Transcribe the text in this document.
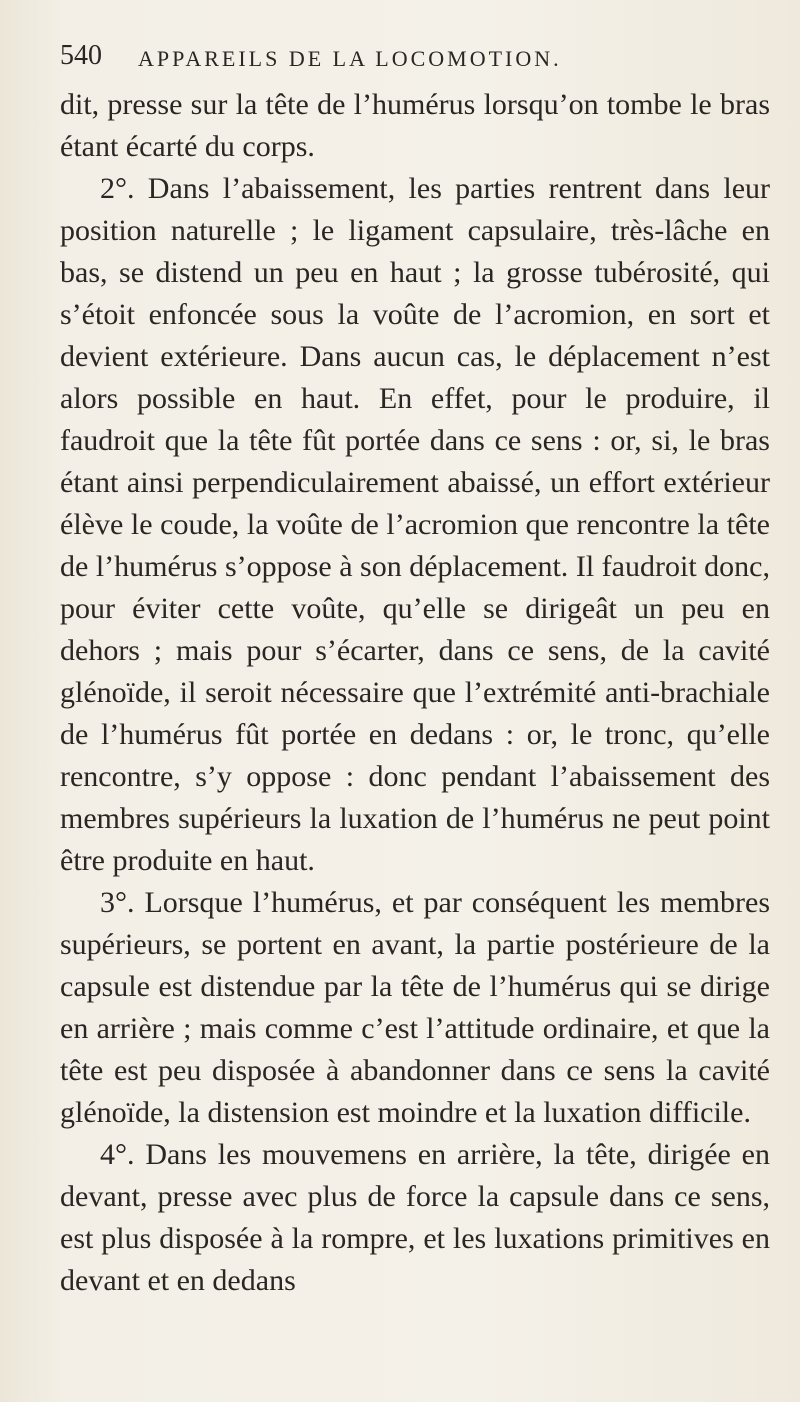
540 APPAREILS DE LA LOCOMOTION.

dit, presse sur la tête de l’humérus lorsqu’on tombe le bras étant écarté du corps.

2°. Dans l’abaissement, les parties rentrent dans leur position naturelle ; le ligament capsulaire, très-lâche en bas, se distend un peu en haut ; la grosse tubérosité, qui s’étoit enfoncée sous la voûte de l’acromion, en sort et devient extérieure. Dans aucun cas, le déplacement n’est alors possible en haut. En effet, pour le produire, il faudroit que la tête fût portée dans ce sens : or, si, le bras étant ainsi perpendiculairement abaissé, un effort extérieur élève le coude, la voûte de l’acromion que rencontre la tête de l’humérus s’oppose à son déplacement. Il faudroit donc, pour éviter cette voûte, qu’elle se dirigeât un peu en dehors ; mais pour s’écarter, dans ce sens, de la cavité glénoïde, il seroit nécessaire que l’extrémité anti-brachiale de l’humérus fût portée en dedans : or, le tronc, qu’elle rencontre, s’y oppose : donc pendant l’abaissement des membres supérieurs la luxation de l’humérus ne peut point être produite en haut.

3°. Lorsque l’humérus, et par conséquent les membres supérieurs, se portent en avant, la partie postérieure de la capsule est distendue par la tête de l’humérus qui se dirige en arrière ; mais comme c’est l’attitude ordinaire, et que la tête est peu disposée à abandonner dans ce sens la cavité glénoïde, la distension est moindre et la luxation difficile.

4°. Dans les mouvemens en arrière, la tête, dirigée en devant, presse avec plus de force la capsule dans ce sens, est plus disposée à la rompre, et les luxations primitives en devant et en dedans
